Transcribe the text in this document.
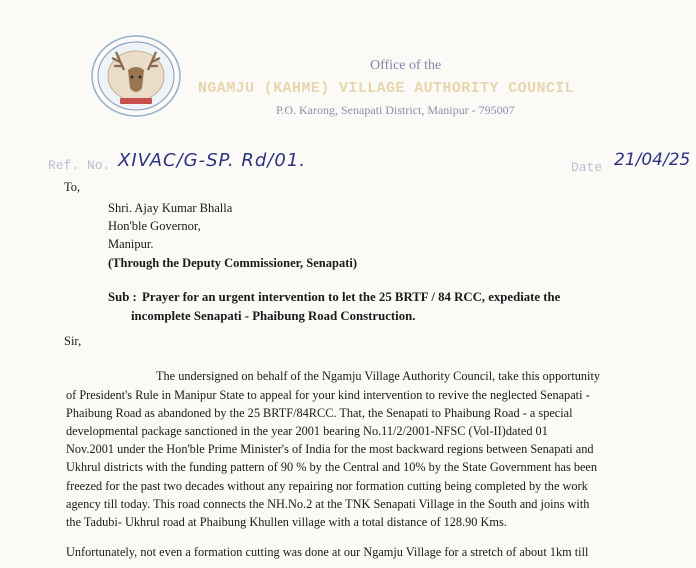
Office of the
NGAMJU (KAHME) VILLAGE AUTHORITY COUNCIL
P.O. Karong, Senapati District, Manipur - 795007
Ref. No. XIVAC/G-SP. Rd/01.	Date 21/04/25
To,
Shri. Ajay Kumar Bhalla
Hon'ble Governor,
Manipur.
(Through the Deputy Commissioner, Senapati)
Sub : Prayer for an urgent intervention to let the 25 BRTF / 84 RCC, expediate the
incomplete Senapati - Phaibung Road Construction.
Sir,
The undersigned on behalf of the Ngamju Village Authority Council, take this opportunity
of President's Rule in Manipur State to appeal for your kind intervention to revive the neglected Senapati -
Phaibung Road as abandoned by the 25 BRTF/84RCC. That, the Senapati to Phaibung Road - a special
developmental package sanctioned in the year 2001 bearing No.11/2/2001-NFSC (Vol-II)dated 01
Nov.2001 under the Hon'ble Prime Minister's of India for the most backward regions between Senapati and
Ukhrul districts with the funding pattern of 90 % by the Central and 10% by the State Government has been
freezed for the past two decades without any repairing nor formation cutting being completed by the work
agency till today. This road connects the NH.No.2 at the TNK Senapati Village in the South and joins with
the Tadubi- Ukhrul road at Phaibung Khullen village with a total distance of 128.90 Kms.
Unfortunately, not even a formation cutting was done at our Ngamju Village for a stretch of about 1km till
